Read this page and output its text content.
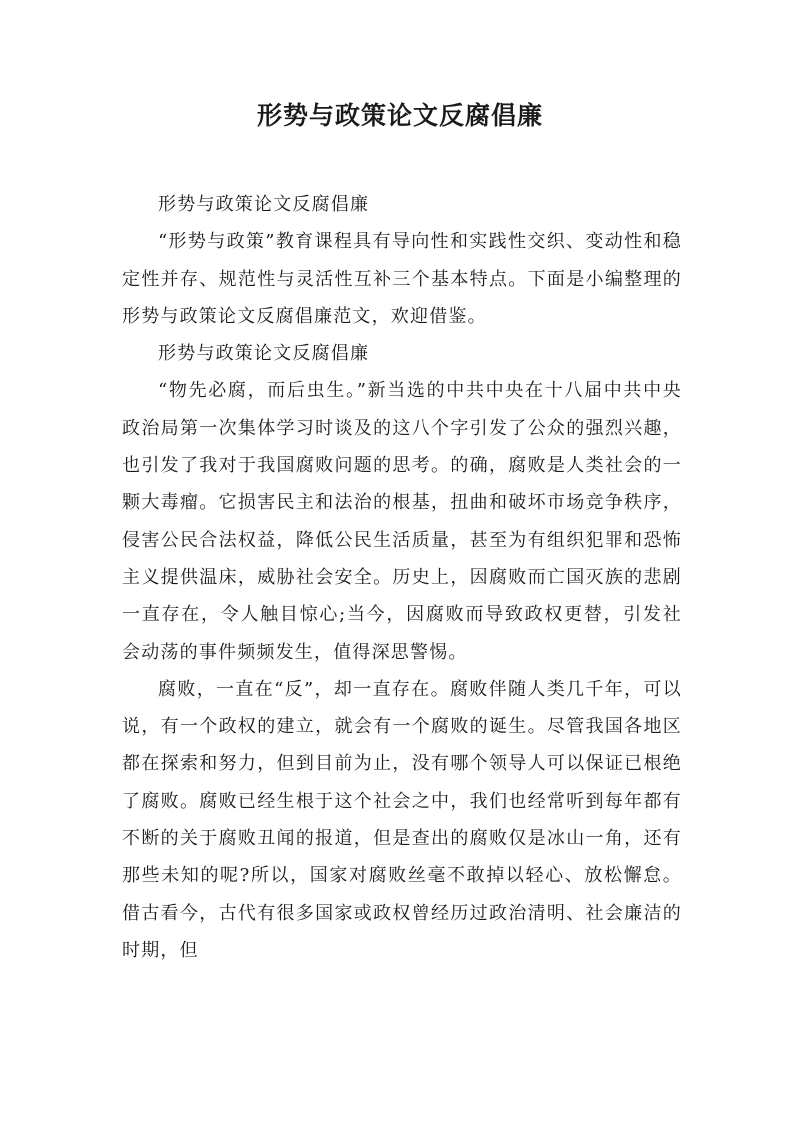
形势与政策论文反腐倡廉

形势与政策论文反腐倡廉

“形势与政策”教育课程具有导向性和实践性交织、变动性和稳定性并存、规范性与灵活性互补三个基本特点。下面是小编整理的形势与政策论文反腐倡廉范文，欢迎借鉴。

形势与政策论文反腐倡廉

“物先必腐，而后虫生。”新当选的中共中央在十八届中共中央政治局第一次集体学习时谈及的这八个字引发了公众的强烈兴趣，也引发了我对于我国腐败问题的思考。的确，腐败是人类社会的一颗大毒瘤。它损害民主和法治的根基，扭曲和破坏市场竞争秩序，侵害公民合法权益，降低公民生活质量，甚至为有组织犯罪和恐怖主义提供温床，威胁社会安全。历史上，因腐败而亡国灭族的悲剧一直存在，令人触目惊心;当今，因腐败而导致政权更替，引发社会动荡的事件频频发生，值得深思警惕。

腐败，一直在“反”，却一直存在。腐败伴随人类几千年，可以说，有一个政权的建立，就会有一个腐败的诞生。尽管我国各地区都在探索和努力，但到目前为止，没有哪个领导人可以保证已根绝了腐败。腐败已经生根于这个社会之中，我们也经常听到每年都有不断的关于腐败丑闻的报道，但是查出的腐败仅是冰山一角，还有那些未知的呢?所以，国家对腐败丝毫不敢掉以轻心、放松懈怠。借古看今，古代有很多国家或政权曾经历过政治清明、社会廉洁的时期，但
